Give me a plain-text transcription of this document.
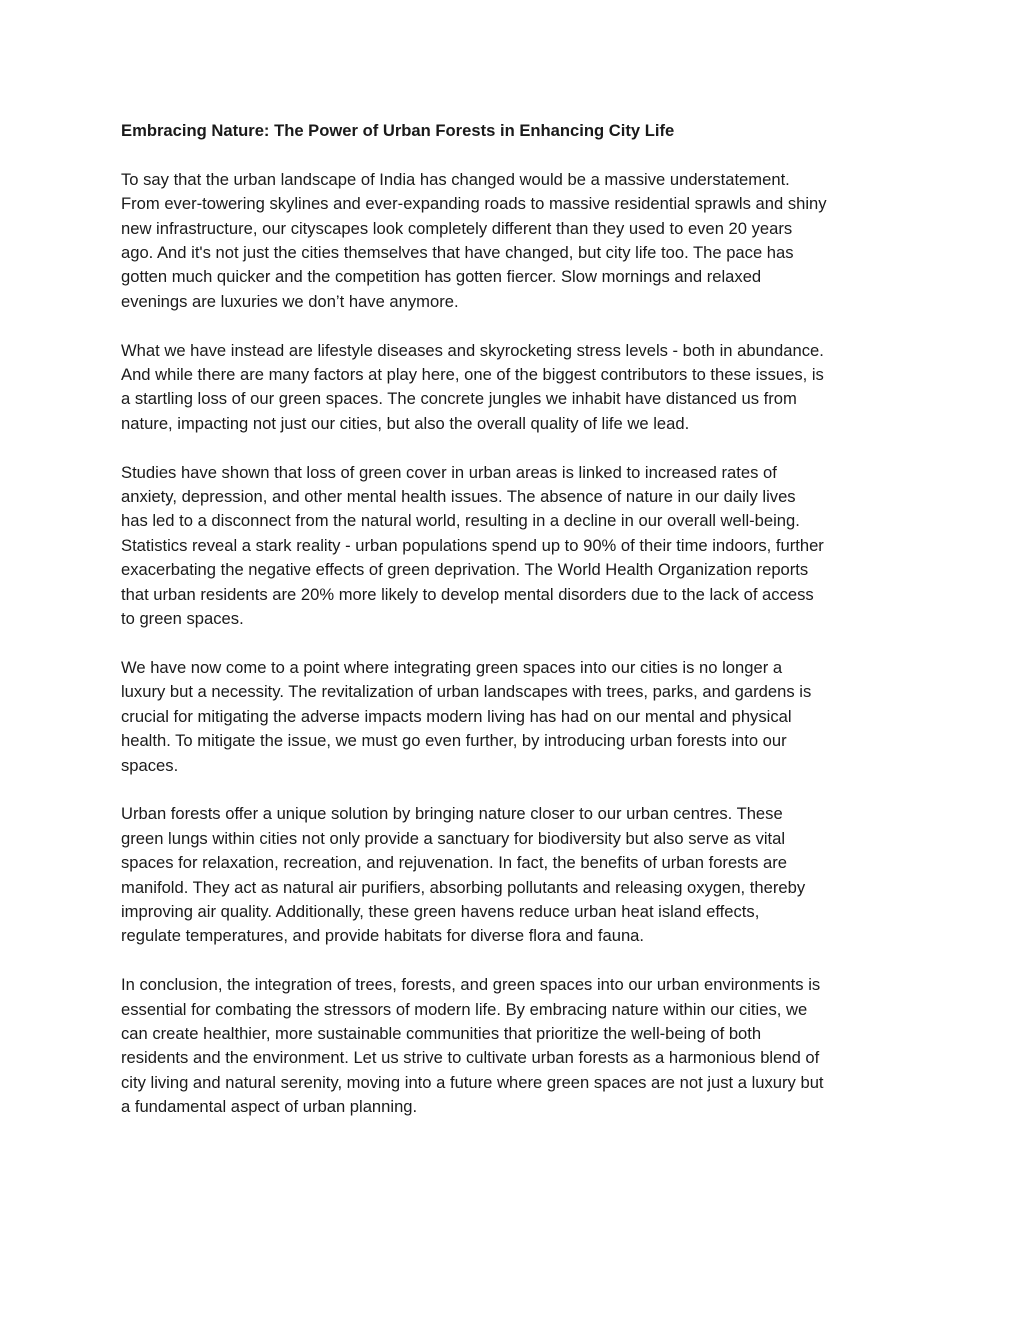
Embracing Nature: The Power of Urban Forests in Enhancing City Life

To say that the urban landscape of India has changed would be a massive understatement.
From ever-towering skylines and ever-expanding roads to massive residential sprawls and shiny
new infrastructure, our cityscapes look completely different than they used to even 20 years
ago. And it's not just the cities themselves that have changed, but city life too. The pace has
gotten much quicker and the competition has gotten fiercer. Slow mornings and relaxed
evenings are luxuries we don’t have anymore.

What we have instead are lifestyle diseases and skyrocketing stress levels - both in abundance.
And while there are many factors at play here, one of the biggest contributors to these issues, is
a startling loss of our green spaces. The concrete jungles we inhabit have distanced us from
nature, impacting not just our cities, but also the overall quality of life we lead.

Studies have shown that loss of green cover in urban areas is linked to increased rates of
anxiety, depression, and other mental health issues. The absence of nature in our daily lives
has led to a disconnect from the natural world, resulting in a decline in our overall well-being.
Statistics reveal a stark reality - urban populations spend up to 90% of their time indoors, further
exacerbating the negative effects of green deprivation. The World Health Organization reports
that urban residents are 20% more likely to develop mental disorders due to the lack of access
to green spaces.

We have now come to a point where integrating green spaces into our cities is no longer a
luxury but a necessity. The revitalization of urban landscapes with trees, parks, and gardens is
crucial for mitigating the adverse impacts modern living has had on our mental and physical
health. To mitigate the issue, we must go even further, by introducing urban forests into our
spaces.

Urban forests offer a unique solution by bringing nature closer to our urban centres. These
green lungs within cities not only provide a sanctuary for biodiversity but also serve as vital
spaces for relaxation, recreation, and rejuvenation. In fact, the benefits of urban forests are
manifold. They act as natural air purifiers, absorbing pollutants and releasing oxygen, thereby
improving air quality. Additionally, these green havens reduce urban heat island effects,
regulate temperatures, and provide habitats for diverse flora and fauna.

In conclusion, the integration of trees, forests, and green spaces into our urban environments is
essential for combating the stressors of modern life. By embracing nature within our cities, we
can create healthier, more sustainable communities that prioritize the well-being of both
residents and the environment. Let us strive to cultivate urban forests as a harmonious blend of
city living and natural serenity, moving into a future where green spaces are not just a luxury but
a fundamental aspect of urban planning.
